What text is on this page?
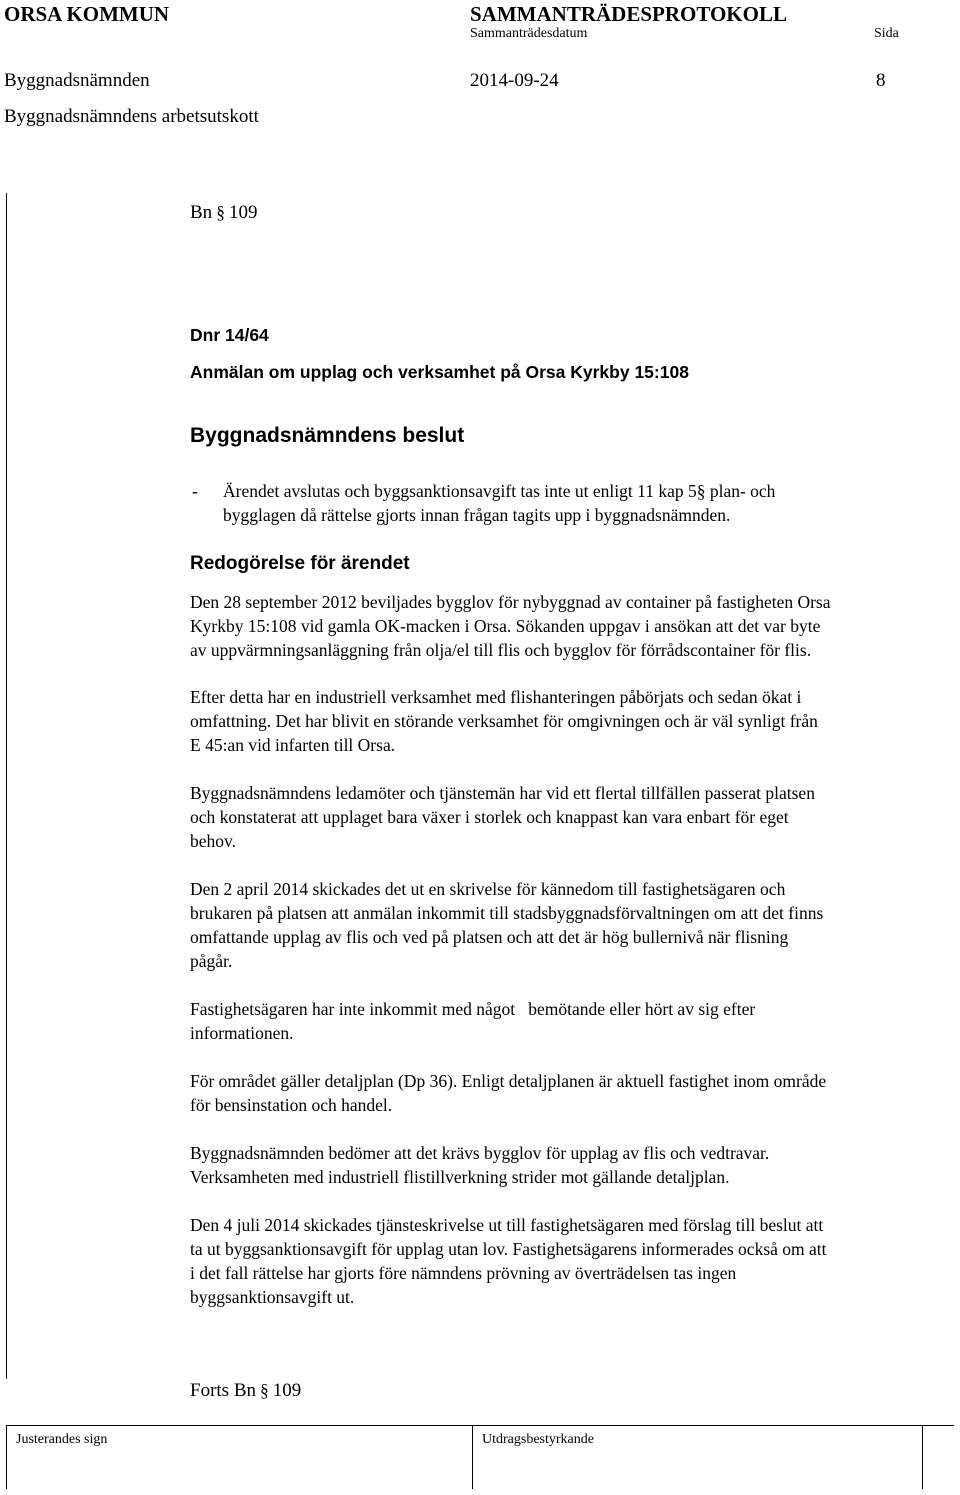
ORSA KOMMUN	SAMMANTRÄDESPROTOKOLL
Sammanträdesdatum	Sida
Byggnadsnämnden	2014-09-24	8
Byggnadsnämndens arbetsutskott
Bn § 109
Dnr 14/64
Anmälan om upplag och verksamhet på Orsa Kyrkby 15:108
Byggnadsnämndens beslut
- Ärendet avslutas och byggsanktionsavgift tas inte ut enligt 11 kap 5§ plan- och
bygglagen då rättelse gjorts innan frågan tagits upp i byggnadsnämnden.
Redogörelse för ärendet
Den 28 september 2012 beviljades bygglov för nybyggnad av container på fastigheten Orsa
Kyrkby 15:108 vid gamla OK-macken i Orsa. Sökanden uppgav i ansökan att det var byte
av uppvärmningsanläggning från olja/el till flis och bygglov för förrådscontainer för flis.
Efter detta har en industriell verksamhet med flishanteringen påbörjats och sedan ökat i
omfattning. Det har blivit en störande verksamhet för omgivningen och är väl synligt från
E 45:an vid infarten till Orsa.
Byggnadsnämndens ledamöter och tjänstemän har vid ett flertal tillfällen passerat platsen
och konstaterat att upplaget bara växer i storlek och knappast kan vara enbart för eget
behov.
Den 2 april 2014 skickades det ut en skrivelse för kännedom till fastighetsägaren och
brukaren på platsen att anmälan inkommit till stadsbyggnadsförvaltningen om att det finns
omfattande upplag av flis och ved på platsen och att det är hög bullernivå när flisning
pågår.
Fastighetsägaren har inte inkommit med något   bemötande eller hört av sig efter
informationen.
För området gäller detaljplan (Dp 36). Enligt detaljplanen är aktuell fastighet inom område
för bensinstation och handel.
Byggnadsnämnden bedömer att det krävs bygglov för upplag av flis och vedtravar.
Verksamheten med industriell flistillverkning strider mot gällande detaljplan.
Den 4 juli 2014 skickades tjänsteskrivelse ut till fastighetsägaren med förslag till beslut att
ta ut byggsanktionsavgift för upplag utan lov. Fastighetsägarens informerades också om att
i det fall rättelse har gjorts före nämndens prövning av överträdelsen tas ingen
byggsanktionsavgift ut.
Forts Bn § 109
Justerandes sign	Utdragsbestyrkande
